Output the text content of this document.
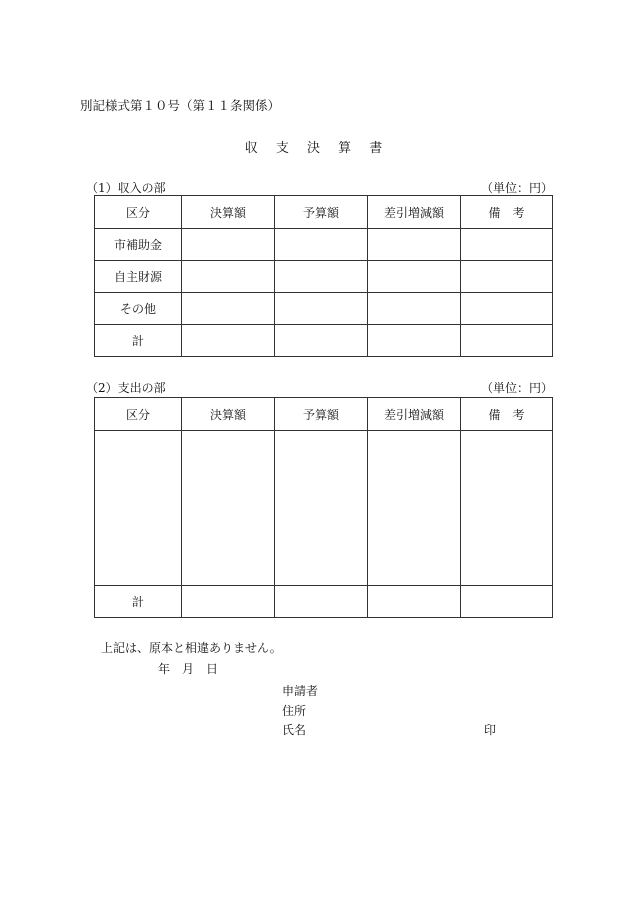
別記様式第１０号（第１１条関係）
収 支 決 算 書
（1）収入の部	（単位：円）
区分	決算額	予算額	差引増減額	備　考
市補助金				
自主財源				
その他				
計				
（2）支出の部	（単位：円）
区分	決算額	予算額	差引増減額	備　考

計				
上記は、原本と相違ありません。
年　月　日
申請者
住所
氏名	印
